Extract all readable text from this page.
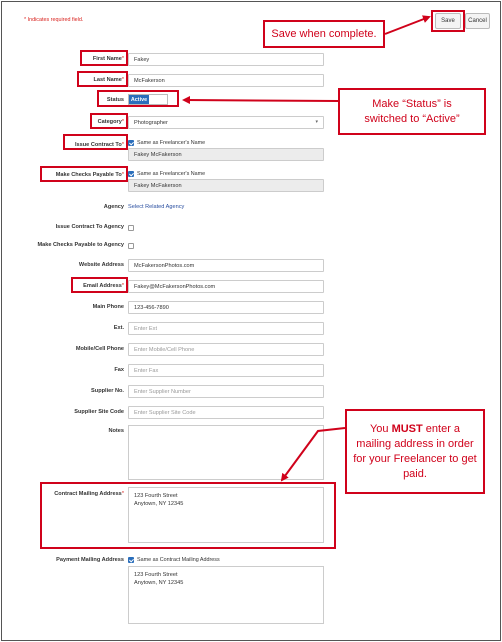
* Indicates required field.	Save	Cancel
First Name*	Fakey
Last Name*	McFakerson
Status	Active
Category* Photographer	▾
Issue Contract To* Same as Freelancer's Name
Fakey McFakerson
Make Checks Payable To* Same as Freelancer's Name
Fakey McFakerson
Agency Select Related Agency
Issue Contract To Agency
Make Checks Payable to Agency
Website Address	McFakersonPhotos.com
Email Address*	Fakey@McFakersonPhotos.com
Main Phone	123-456-7890
Ext.	Enter Ext
Mobile/Cell Phone	Enter Mobile/Cell Phone
Fax	Enter Fax
Supplier No.	Enter Supplier Number
Supplier Site Code	Enter Supplier Site Code
Notes
Contract Mailing Address* 123 Fourth Street
Anytown, NY 12345
Payment Mailing Address Same as Contract Mailing Address
123 Fourth Street
Anytown, NY 12345
Save when complete.
Make “Status” is
switched to “Active”
You MUST enter a mailing address in order for your Freelancer to get paid.
